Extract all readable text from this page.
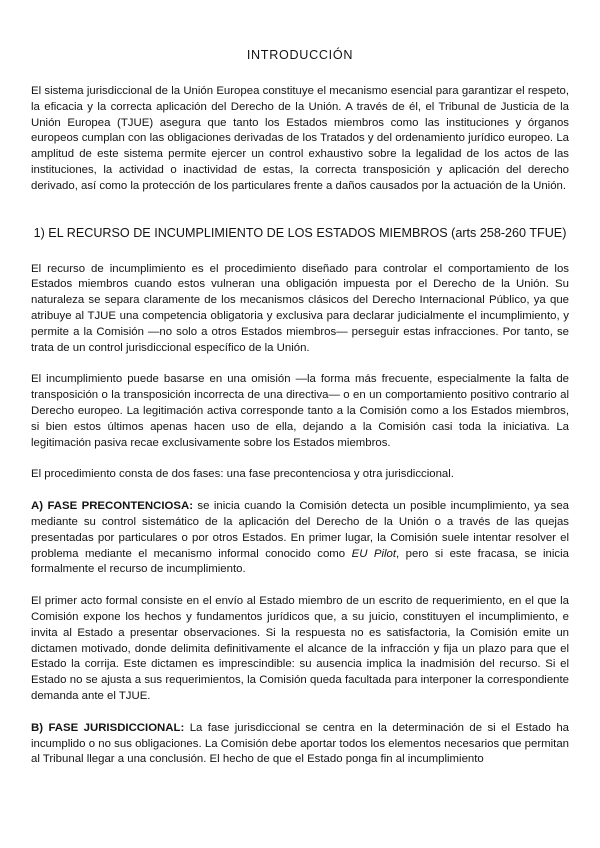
INTRODUCCIÓN

El sistema jurisdiccional de la Unión Europea constituye el mecanismo esencial para garantizar el respeto, la eficacia y la correcta aplicación del Derecho de la Unión. A través de él, el Tribunal de Justicia de la Unión Europea (TJUE) asegura que tanto los Estados miembros como las instituciones y órganos europeos cumplan con las obligaciones derivadas de los Tratados y del ordenamiento jurídico europeo. La amplitud de este sistema permite ejercer un control exhaustivo sobre la legalidad de los actos de las instituciones, la actividad o inactividad de estas, la correcta transposición y aplicación del derecho derivado, así como la protección de los particulares frente a daños causados por la actuación de la Unión.

1) EL RECURSO DE INCUMPLIMIENTO DE LOS ESTADOS MIEMBROS (arts 258-260 TFUE)

El recurso de incumplimiento es el procedimiento diseñado para controlar el comportamiento de los Estados miembros cuando estos vulneran una obligación impuesta por el Derecho de la Unión. Su naturaleza se separa claramente de los mecanismos clásicos del Derecho Internacional Público, ya que atribuye al TJUE una competencia obligatoria y exclusiva para declarar judicialmente el incumplimiento, y permite a la Comisión —no solo a otros Estados miembros— perseguir estas infracciones. Por tanto, se trata de un control jurisdiccional específico de la Unión.

El incumplimiento puede basarse en una omisión —la forma más frecuente, especialmente la falta de transposición o la transposición incorrecta de una directiva— o en un comportamiento positivo contrario al Derecho europeo. La legitimación activa corresponde tanto a la Comisión como a los Estados miembros, si bien estos últimos apenas hacen uso de ella, dejando a la Comisión casi toda la iniciativa. La legitimación pasiva recae exclusivamente sobre los Estados miembros.

El procedimiento consta de dos fases: una fase precontenciosa y otra jurisdiccional.

A) FASE PRECONTENCIOSA: se inicia cuando la Comisión detecta un posible incumplimiento, ya sea mediante su control sistemático de la aplicación del Derecho de la Unión o a través de las quejas presentadas por particulares o por otros Estados. En primer lugar, la Comisión suele intentar resolver el problema mediante el mecanismo informal conocido como EU Pilot, pero si este fracasa, se inicia formalmente el recurso de incumplimiento.

El primer acto formal consiste en el envío al Estado miembro de un escrito de requerimiento, en el que la Comisión expone los hechos y fundamentos jurídicos que, a su juicio, constituyen el incumplimiento, e invita al Estado a presentar observaciones. Si la respuesta no es satisfactoria, la Comisión emite un dictamen motivado, donde delimita definitivamente el alcance de la infracción y fija un plazo para que el Estado la corrija. Este dictamen es imprescindible: su ausencia implica la inadmisión del recurso. Si el Estado no se ajusta a sus requerimientos, la Comisión queda facultada para interponer la correspondiente demanda ante el TJUE.

B) FASE JURISDICCIONAL: La fase jurisdiccional se centra en la determinación de si el Estado ha incumplido o no sus obligaciones. La Comisión debe aportar todos los elementos necesarios que permitan al Tribunal llegar a una conclusión. El hecho de que el Estado ponga fin al incumplimiento
